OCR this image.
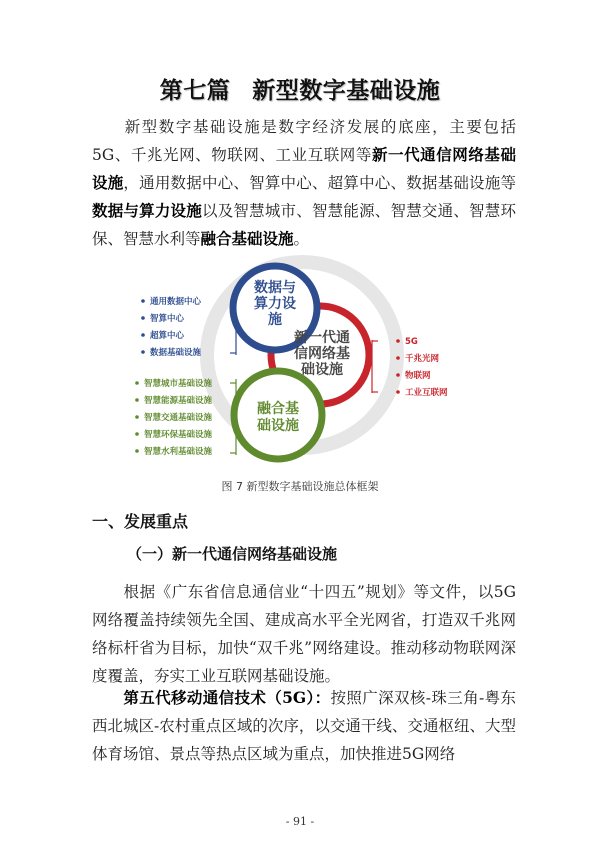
第七篇 新型数字基础设施
新型数字基础设施是数字经济发展的底座，主要包括5G、千兆光网、物联网、工业互联网等新一代通信网络基础设施，通用数据中心、智算中心、超算中心、数据基础设施等数据与算力设施以及智慧城市、智慧能源、智慧交通、智慧环保、智慧水利等融合基础设施。
数据与
算力设
施
新一代通
信网络基
础设施
融合基
础设施
通用数据中心
智算中心
超算中心
数据基础设施
智慧城市基础设施
智慧能源基础设施
智慧交通基础设施
智慧环保基础设施
智慧水利基础设施
5G
千兆光网
物联网
工业互联网
图 7 新型数字基础设施总体框架
一、发展重点
（一）新一代通信网络基础设施
根据《广东省信息通信业“十四五”规划》等文件，以5G网络覆盖持续领先全国、建成高水平全光网省，打造双千兆网络标杆省为目标，加快“双千兆”网络建设。推动移动物联网深度覆盖，夯实工业互联网基础设施。
第五代移动通信技术（5G）：按照广深双核-珠三角-粤东西北城区-农村重点区域的次序，以交通干线、交通枢纽、大型体育场馆、景点等热点区域为重点，加快推进5G网络
- 91 -
